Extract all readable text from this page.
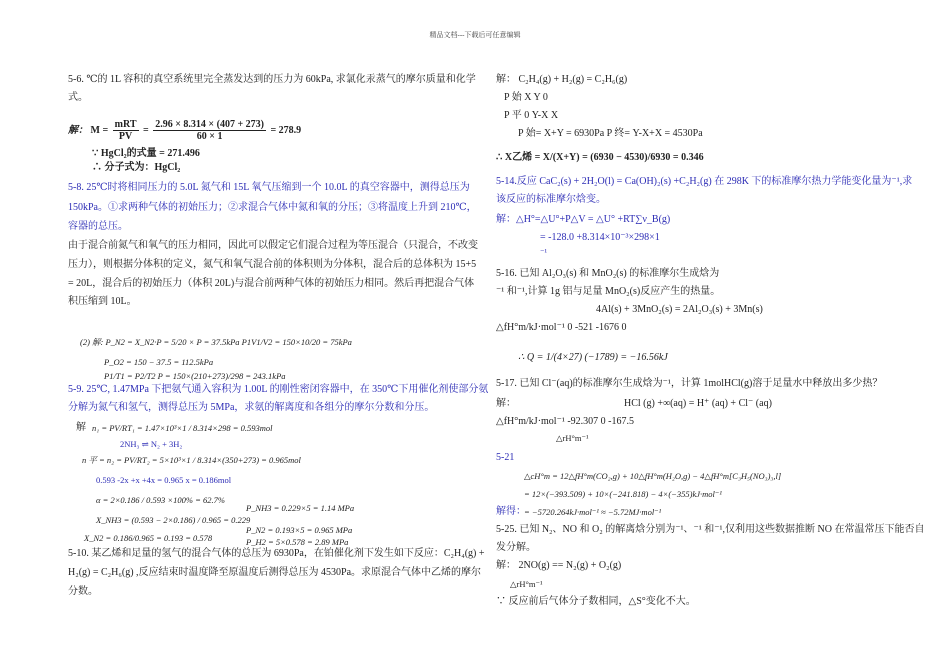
精品文档---下载后可任意编辑
5-6. ℃的 1L 容积的真空系统里完全蒸发达到的压力为 60kPa, 求氯化汞蒸气的摩尔质量和化学
式。
解： $M = \frac{\text{mRT}}{PV} = \frac{2.96 \times 8.314 \times (407 + 273)}{60 \times 1} = 278.9$
∵ HgCl₂的式量 = 271.496
∴ 分子式为：HgCl₂
5-8. 25℃时将相同压力的 5.0L 氮气和 15L 氧气压缩到一个 10.0L 的真空容器中，测得总压为
150kPa。①求两种气体的初始压力；②求混合气体中氮和氧的分压；③将温度上升到 210℃，
容器的总压。
由于混合前氮气和氧气的压力相同，因此可以假定它们混合过程为等压混合（只混合，不改变
压力），则根据分体积的定义，氮气和氧气混合前的体积则为分体积，混合后的总体积为 15+5
= 20L，混合后的初始压力（体积 20L)与混合前两种气体的初始压力相同。然后再把混合气体
积压缩到 10L。
(2) 解: P_N2 = X_N2·P = 5/20 × P = 37.5kPa P1V1/V2 = 150×10/20 = 75kPa
P_O2 = 150 − 37.5 = 112.5kPa
P1/T1 = P2/T2 P = 150×(210+273)/298 = 243.1kPa
5-9. 25℃, 1.47MPa 下把氨气通入容积为 1.00L 的刚性密闭容器中，在 350℃下用催化剂使部分氨
分解为氮气和氢气，测得总压为 5MPa，求氨的解离度和各组分的摩尔分数和分压。
解 n₁ = PV/RT₁ = 1.47×10³×1 / 8.314×298 = 0.593mol
2NH₃ ⇌ N₂ + 3H₂
n 平 = n₂ = PV/RT₂ = 5×10³×1 / 8.314×(350+273) = 0.965mol
0.593 -2x +x +4x = 0.965 x = 0.186mol
α = 2×0.186 / 0.593 ×100% = 62.7%
X_NH3 = (0.593 − 2×0.186) / 0.965 = 0.229
P_NH3 = 0.229×5 = 1.14 MPa
X_N2 = 0.186/0.965 = 0.193 = 0.578
P_N2 = 0.193×5 = 0.965 MPa
P_H2 = 5×0.578 = 2.89 MPa
5-10. 某乙烯和足量的氢气的混合气体的总压为 6930Pa，在铂催化剂下发生如下反应：C₂H₄(g) +
H₂(g) = C₂H₆(g) ,反应结束时温度降至原温度后测得总压为 4530Pa。求原混合气体中乙烯的摩尔
分数。
解： C₂H₄(g) + H₂(g) = C₂H₆(g)
P 始 X Y 0
P 平 0 Y-X X
P 始= X+Y = 6930Pa P 终= Y-X+X = 4530Pa
∴ X乙烯 = X/(X+Y) = (6930 − 4530)/6930 = 0.346
5-14.反应 CaC₂(s) + 2H₂O(l) = Ca(OH)₂(s) +C₂H₂(g) 在 298K 下的标准摩尔热力学能变化量为⁻¹,求
该反应的标准摩尔焓变。
解：△H°=△U°+P△V = △U° +RT∑ν_B(g)
= -128.0 +8.314×10⁻³×298×1
⁻¹
5-16. 已知 Al₂O₃(s) 和 MnO₂(s) 的标准摩尔生成焓为
⁻¹ 和⁻¹,计算 1g 铝与足量 MnO₂(s)反应产生的热量。
4Al(s) + 3MnO₂(s) = 2Al₂O₃(s) + 3Mn(s)
△fH°m/kJ·mol⁻¹ 0 -521 -1676 0
∴ Q = 1/(4×27) (−1789) = −16.56kJ
5-17. 已知 Cl⁻(aq)的标准摩尔生成焓为⁻¹，计算 1molHCl(g)溶于足量水中释放出多少热？
解：	HCl (g) +∞(aq) = H⁺ (aq) + Cl⁻ (aq)
△fH°m/kJ·mol⁻¹ -92.307 0 -167.5
△rH°m⁻¹
5-21
△cH°m = 12△fH°m(CO₂,g) + 10△fH°m(H₂O,g) − 4△fH°m[C₃H₅(NO₃)₃,l]
= 12×(−393.509) + 10×(−241.818) − 4×(−355)kJ·mol⁻¹
解得：
= −5720.264kJ·mol⁻¹ ≈ −5.72MJ·mol⁻¹
5-25. 已知 N₂、NO 和 O₂ 的解离焓分别为⁻¹、⁻¹ 和⁻¹,仅利用这些数据推断 NO 在常温常压下能否自
发分解。
解： 2NO(g) == N₂(g) + O₂(g)
△rH°m⁻¹
∵ 反应前后气体分子数相同，△S°变化不大。
